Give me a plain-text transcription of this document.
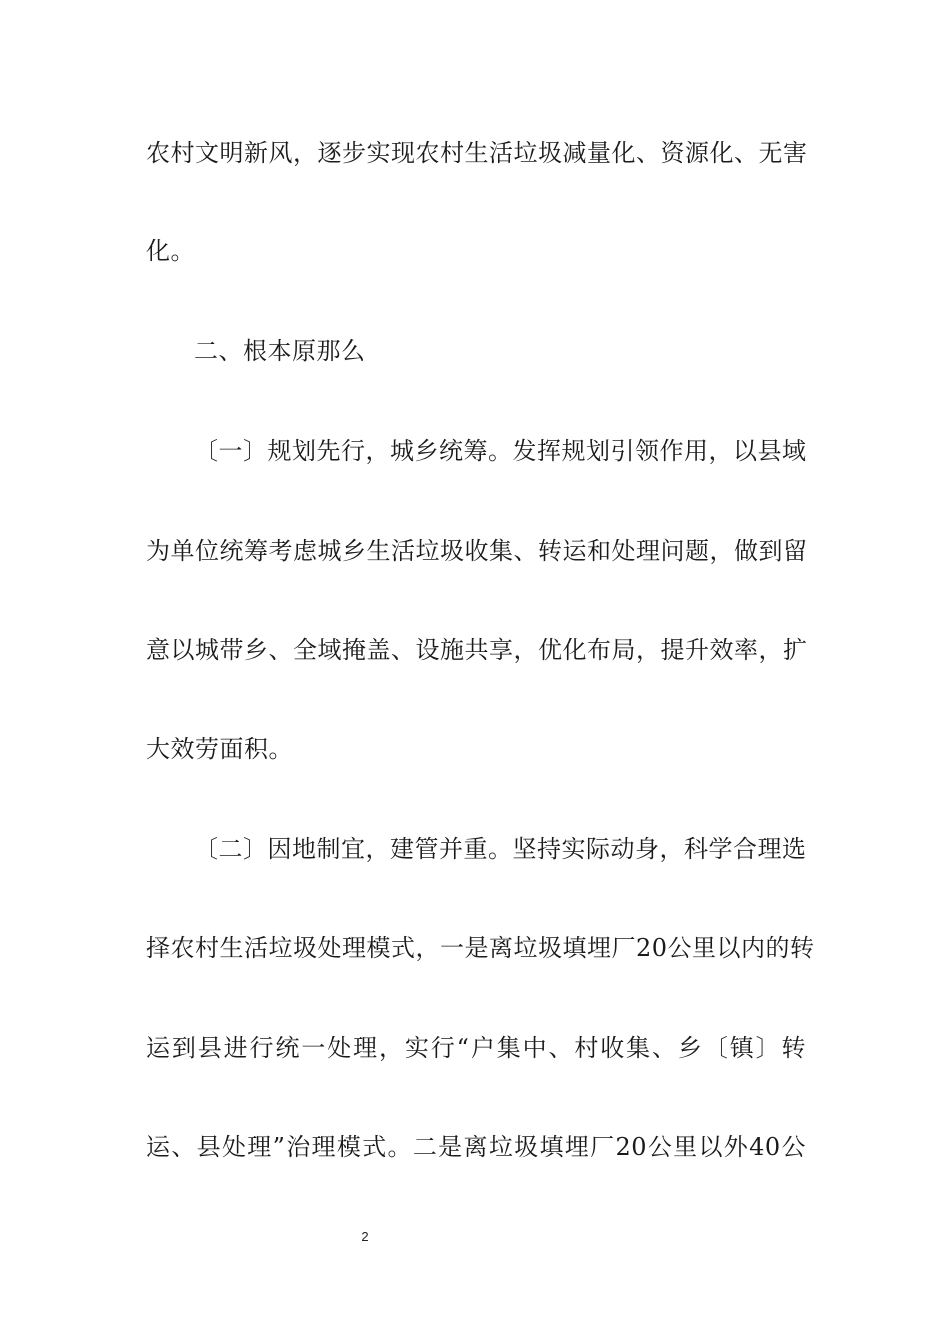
农村文明新风，逐步实现农村生活垃圾减量化、资源化、无害
化。
二、根本原那么
〔一〕规划先行，城乡统筹。发挥规划引领作用，以县域
为单位统筹考虑城乡生活垃圾收集、转运和处理问题，做到留
意以城带乡、全域掩盖、设施共享，优化布局，提升效率，扩
大效劳面积。
〔二〕因地制宜，建管并重。坚持实际动身，科学合理选
择农村生活垃圾处理模式，一是离垃圾填埋厂20公里以内的转
运到县进行统一处理，实行“户集中、村收集、乡〔镇〕转
运、县处理”治理模式。二是离垃圾填埋厂20公里以外40公
2
